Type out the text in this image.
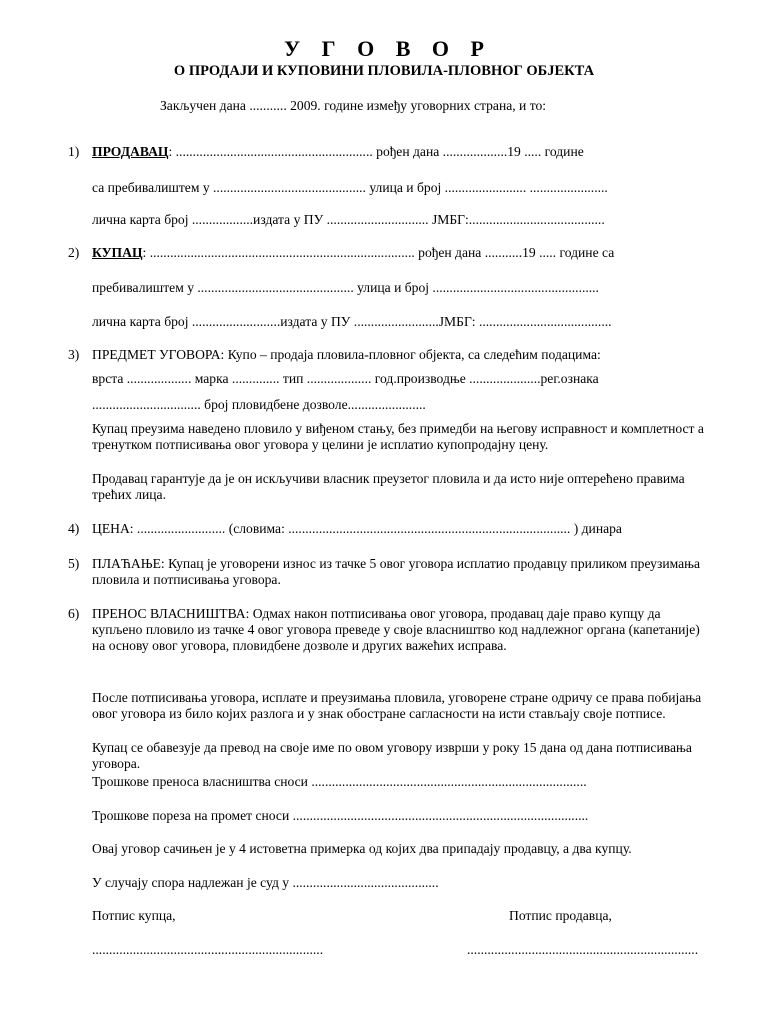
У Г О В О Р
О ПРОДАЈИ И КУПОВИНИ ПЛОВИЛА-ПЛОВНОГ ОБЈЕКТА
Закључен дана ........... 2009. године између уговорних страна, и то:
1) ПРОДАВАЦ: .......................................................... рођен дана ...................19 ..... године
са пребивалиштем у ............................................. улица и број ........................ .......................
лична карта број ..................издата у ПУ .............................. ЈМБГ:........................................
2) КУПАЦ: .............................................................................. рођен дана ...........19 ..... године са
пребивалиштем у .............................................. улица и број .................................................
лична карта број ..........................издата у ПУ .........................ЈМБГ: .......................................
3) ПРЕДМЕТ УГОВОРА: Купо – продаја пловила-пловног објекта, са следећим подацима:
врста ................... марка .............. тип ................... год.производње .....................рег.ознака
................................ број пловидбене дозволе.......................
Купац преузима наведено пловило у виђеном стању, без примедби на његову исправност и комплетност а тренутком потписивања овог уговора у целини је исплатио купопродајну цену.
Продавац гарантује да је он искључиви власник преузетог пловила и да исто није оптерећено правима трећих лица.
4) ЦЕНА: .......................... (словима: ................................................................................... ) динара
5) ПЛАЋАЊЕ: Купац је уговорени износ из тачке 5 овог уговора исплатио продавцу приликом преузимања пловила и потписивања уговора.
6) ПРЕНОС ВЛАСНИШТВА: Одмах након потписивања овог уговора, продавац даје право купцу да купљено пловило из тачке 4 овог уговора преведе у своје власништво код надлежног органа (капетаније) на основу овог уговора, пловидбене дозволе и других важећих исправа.
После потписивања уговора, исплате и преузимања пловила, уговорене стране одричу се права побијања овог уговора из било којих разлога и у знак обостране сагласности на исти стављају своје потписе.
Купац се обавезује да превод на своје име по овом уговору изврши у року 15 дана од дана потписивања уговора.
Трошкове преноса власништва сноси .................................................................................
Трошкове пореза на промет сноси .......................................................................................
Овај уговор сачињен је у 4 истоветна примерка од којих два припадају продавцу, а два купцу.
У случају спора надлежан је суд у ...........................................
Потпис купца,	Потпис продавца,
....................................................................	....................................................................
